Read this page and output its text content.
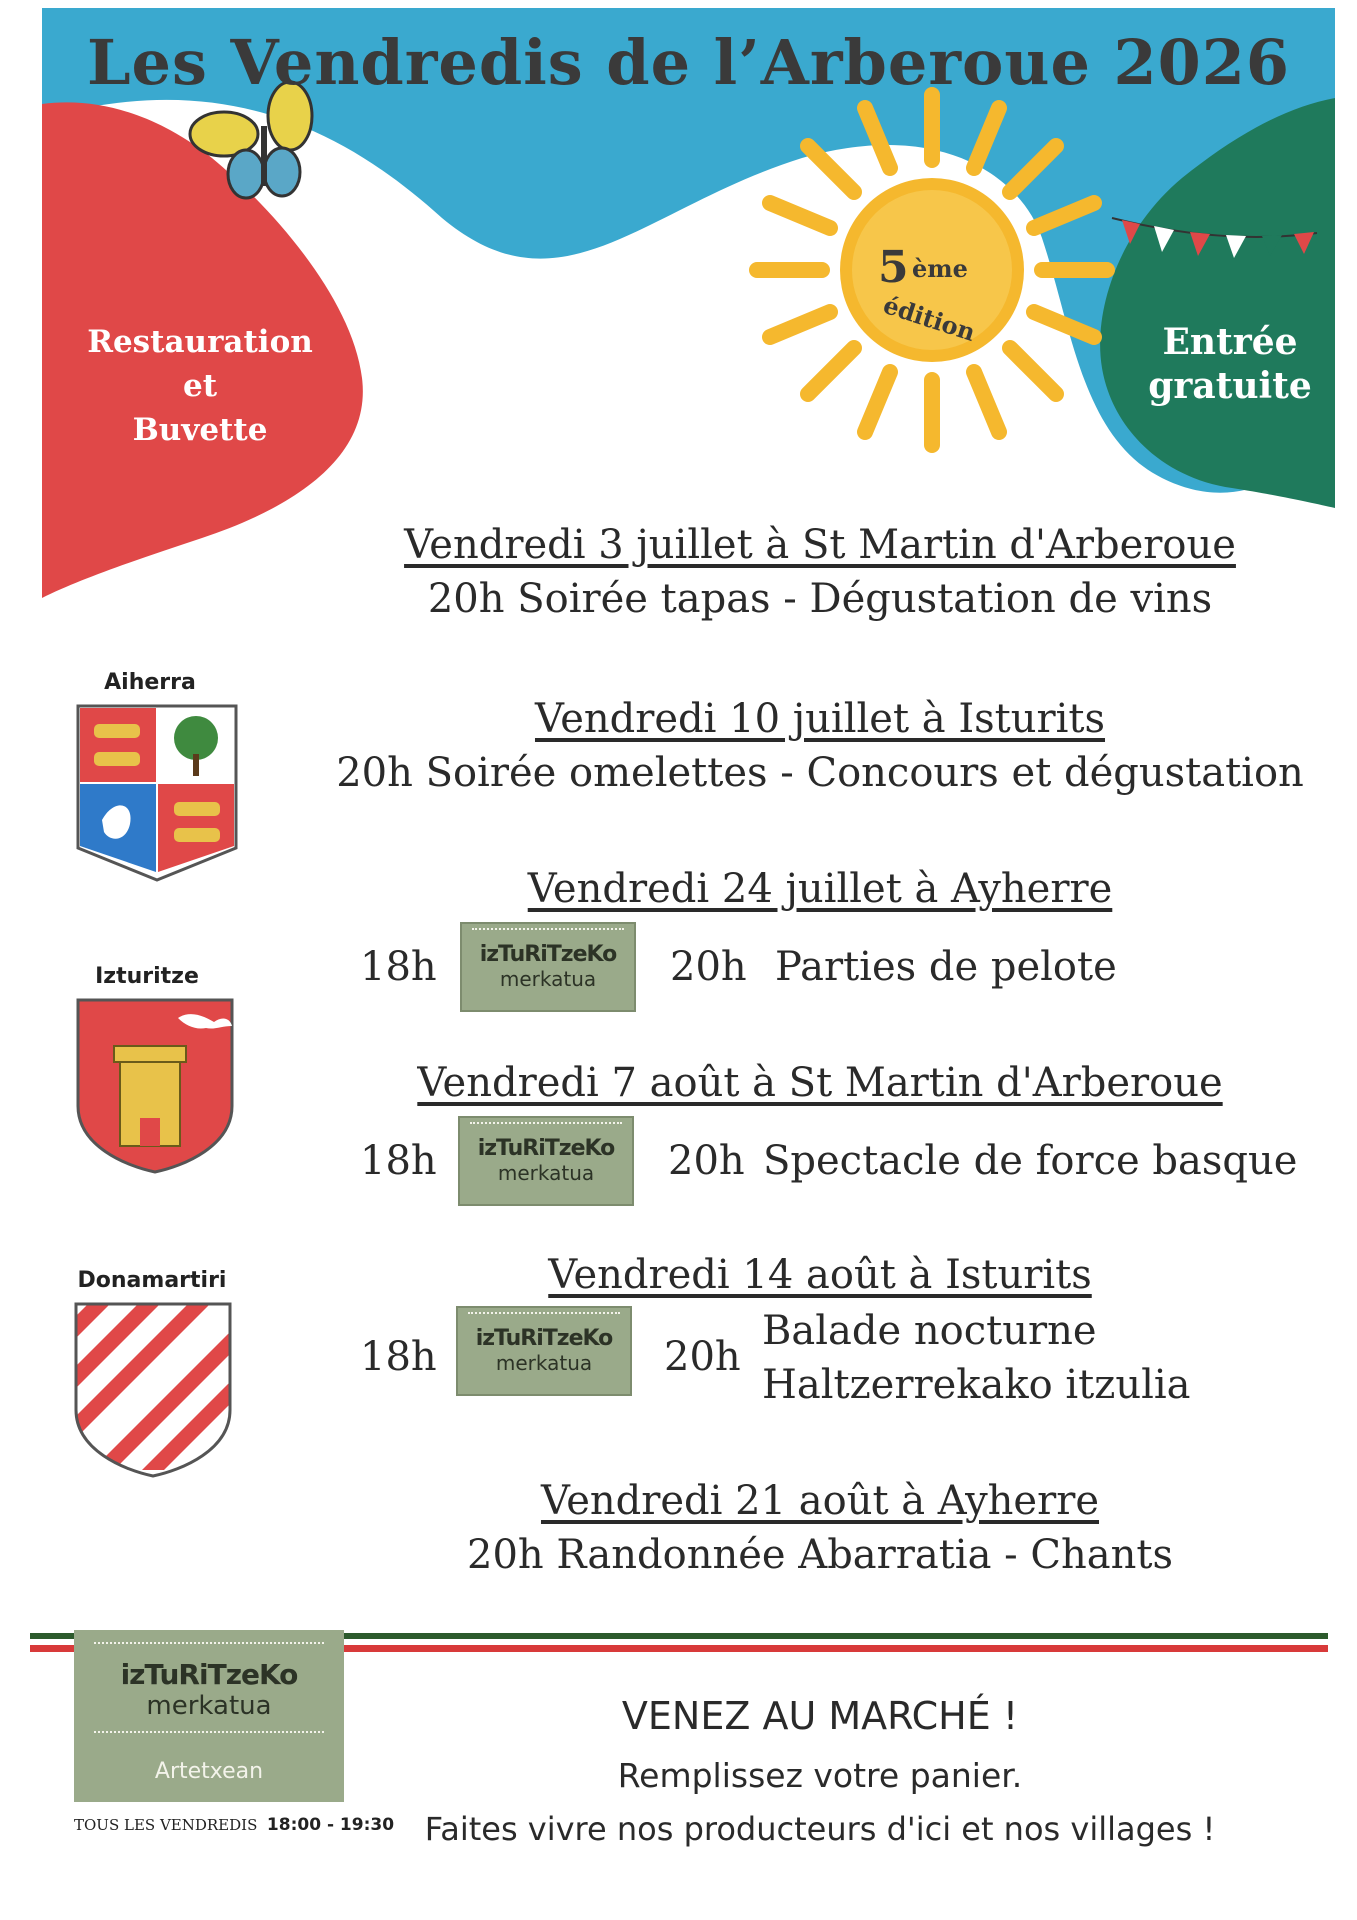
Les Vendredis de l’Arberoue 2026
Restauration
et
Buvette
Entrée
gratuite
5 ème
édition
Vendredi 3 juillet à St Martin d'Arberoue
20h Soirée tapas - Dégustation de vins
Vendredi 10 juillet à Isturits
20h Soirée omelettes - Concours et dégustation
Vendredi 24 juillet à Ayherre
18h	izTuRiTzeKo
merkatua	20h Parties de pelote
Vendredi 7 août à St Martin d'Arberoue
18h	izTuRiTzeKo
merkatua	20h Spectacle de force basque
Vendredi 14 août à Isturits
18h	izTuRiTzeKo
merkatua	20h
Balade nocturne
Haltzerrekako itzulia
Vendredi 21 août à Ayherre
20h Randonnée Abarratia - Chants
Aiherra
Izturitze
Donamartiri
izTuRiTzeKo
merkatua
Artetxean
TOUS LES VENDREDIS 18:00 - 19:30
VENEZ AU MARCHÉ !
Remplissez votre panier.
Faites vivre nos producteurs d'ici et nos villages !
